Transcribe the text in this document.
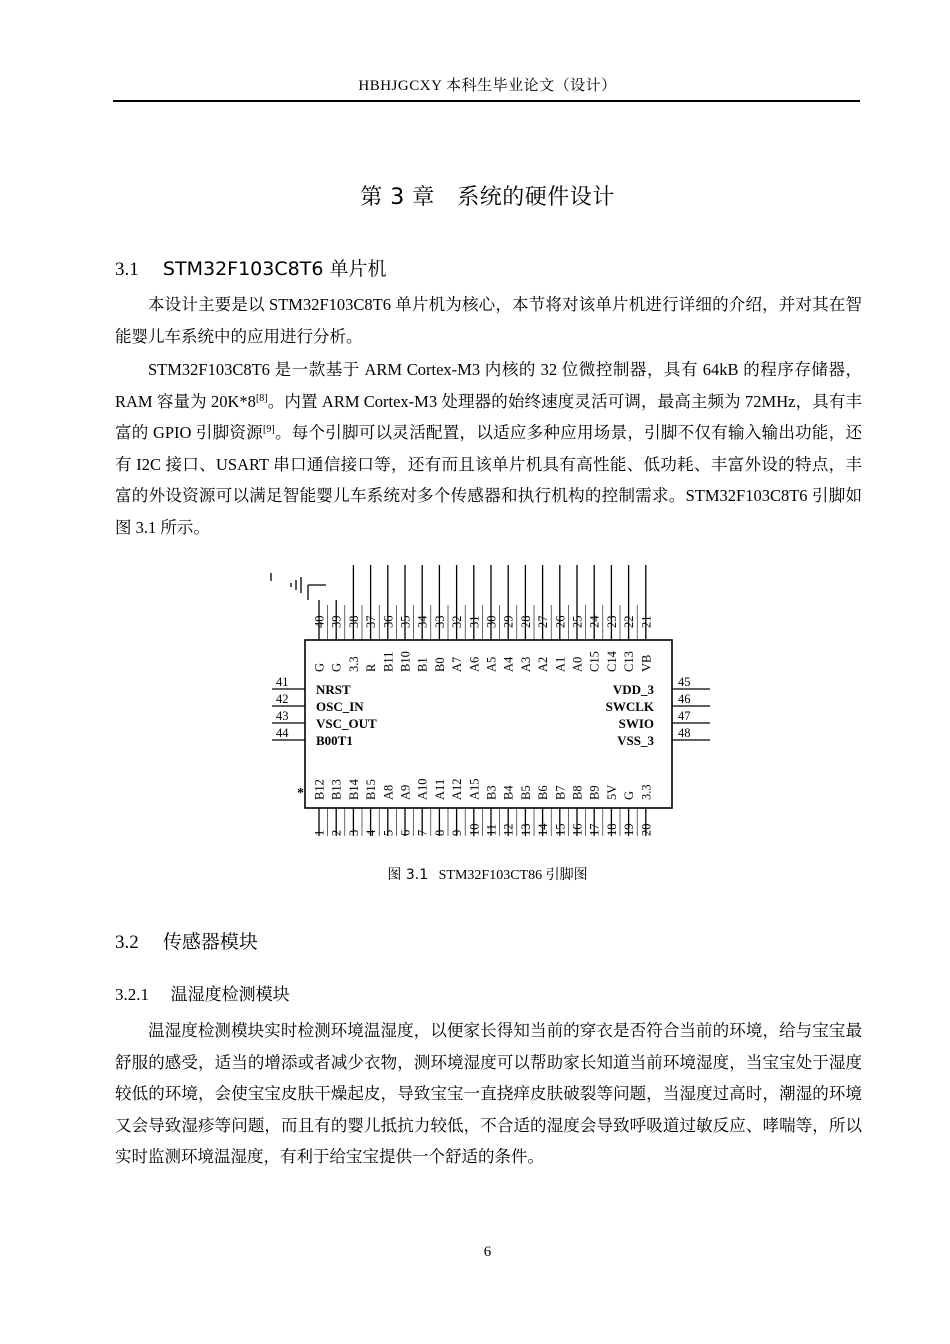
HBHJGCXY 本科生毕业论文（设计）
第 3 章　系统的硬件设计
3.1 STM32F103C8T6 单片机
本设计主要是以 STM32F103C8T6 单片机为核心，本节将对该单片机进行详细的介绍，并对其在智能婴儿车系统中的应用进行分析。
STM32F103C8T6 是一款基于 ARM Cortex-M3 内核的 32 位微控制器，具有 64kB 的程序存储器，RAM 容量为 20K*8[8]。内置 ARM Cortex-M3 处理器的始终速度灵活可调，最高主频为 72MHz，具有丰富的 GPIO 引脚资源[9]。每个引脚可以灵活配置，以适应多种应用场景，引脚不仅有输入输出功能，还有 I2C 接口、USART 串口通信接口等，还有而且该单片机具有高性能、低功耗、丰富外设的特点，丰富的外设资源可以满足智能婴儿车系统对多个传感器和执行机构的控制需求。STM32F103C8T6 引脚如图 3.1 所示。
40
G
39
G
38
3.3
37
R
36
B11
35
B10
34
B1
33
B0
32
A7
31
A6
30
A5
29
A4
28
A3
27
A2
26
A1
25
A0
24
C15
23
C14
22
C13
21
VB
B12
1
B13
2
B14
3
B15
4
A8
5
A9
6
A10
7
A11
8
A12
9
A15
10
B3
11
B4
12
B5
13
B6
14
B7
15
B8
16
B9
17
5V
18
G
19
3.3
20
41 NRST
42 OSC_IN
43 VSC_OUT
44 B00T1
45
VDD_3
46
SWCLK
47
SWIO
48
VSS_3
*
图 3.1 STM32F103CT86 引脚图
3.2 传感器模块
3.2.1 温湿度检测模块
温湿度检测模块实时检测环境温湿度，以便家长得知当前的穿衣是否符合当前的环境，给与宝宝最舒服的感受，适当的增添或者减少衣物，测环境湿度可以帮助家长知道当前环境湿度，当宝宝处于湿度较低的环境，会使宝宝皮肤干燥起皮，导致宝宝一直挠痒皮肤破裂等问题，当湿度过高时，潮湿的环境又会导致湿疹等问题，而且有的婴儿抵抗力较低，不合适的湿度会导致呼吸道过敏反应、哮喘等，所以实时监测环境温湿度，有利于给宝宝提供一个舒适的条件。
6
